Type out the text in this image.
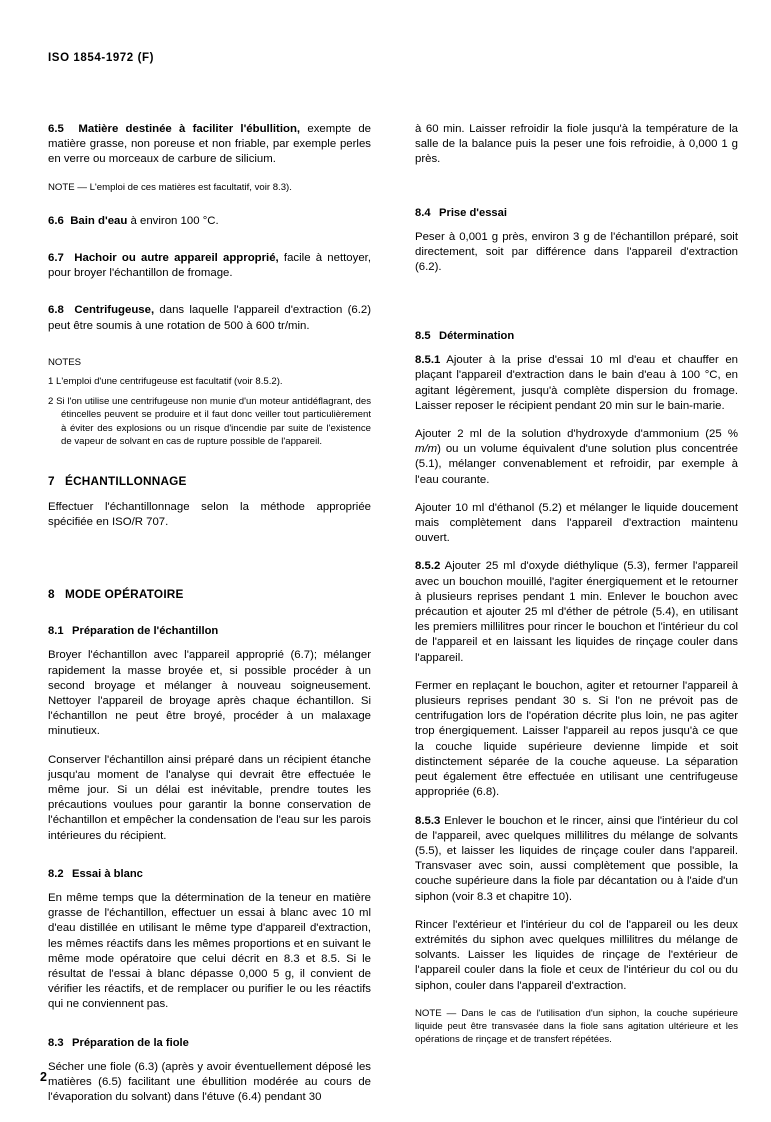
ISO 1854-1972 (F)

6.5 Matière destinée à faciliter l'ébullition, exempte de matière grasse, non poreuse et non friable, par exemple perles en verre ou morceaux de carbure de silicium.

NOTE — L'emploi de ces matières est facultatif, voir 8.3).

6.6 Bain d'eau à environ 100 °C.

6.7 Hachoir ou autre appareil approprié, facile à nettoyer, pour broyer l'échantillon de fromage.

6.8 Centrifugeuse, dans laquelle l'appareil d'extraction (6.2) peut être soumis à une rotation de 500 à 600 tr/min.

NOTES

1 L'emploi d'une centrifugeuse est facultatif (voir 8.5.2).

2 Si l'on utilise une centrifugeuse non munie d'un moteur antidéflagrant, des étincelles peuvent se produire et il faut donc veiller tout particulièrement à éviter des explosions ou un risque d'incendie par suite de l'existence de vapeur de solvant en cas de rupture possible de l'appareil.

7 ÉCHANTILLONNAGE

Effectuer l'échantillonnage selon la méthode appropriée spécifiée en ISO/R 707.

8 MODE OPÉRATOIRE
8.1 Préparation de l'échantillon

Broyer l'échantillon avec l'appareil approprié (6.7); mélanger rapidement la masse broyée et, si possible procéder à un second broyage et mélanger à nouveau soigneusement. Nettoyer l'appareil de broyage après chaque échantillon. Si l'échantillon ne peut être broyé, procéder à un malaxage minutieux.

Conserver l'échantillon ainsi préparé dans un récipient étanche jusqu'au moment de l'analyse qui devrait être effectuée le même jour. Si un délai est inévitable, prendre toutes les précautions voulues pour garantir la bonne conservation de l'échantillon et empêcher la condensation de l'eau sur les parois intérieures du récipient.

8.2 Essai à blanc

En même temps que la détermination de la teneur en matière grasse de l'échantillon, effectuer un essai à blanc avec 10 ml d'eau distillée en utilisant le même type d'appareil d'extraction, les mêmes réactifs dans les mêmes proportions et en suivant le même mode opératoire que celui décrit en 8.3 et 8.5. Si le résultat de l'essai à blanc dépasse 0,000 5 g, il convient de vérifier les réactifs, et de remplacer ou purifier le ou les réactifs qui ne conviennent pas.

8.3 Préparation de la fiole

Sécher une fiole (6.3) (après y avoir éventuellement déposé les matières (6.5) facilitant une ébullition modérée au cours de l'évaporation du solvant) dans l'étuve (6.4) pendant 30

à 60 min. Laisser refroidir la fiole jusqu'à la température de la salle de la balance puis la peser une fois refroidie, à 0,000 1 g près.

8.4 Prise d'essai

Peser à 0,001 g près, environ 3 g de l'échantillon préparé, soit directement, soit par différence dans l'appareil d'extraction (6.2).

8.5 Détermination

8.5.1 Ajouter à la prise d'essai 10 ml d'eau et chauffer en plaçant l'appareil d'extraction dans le bain d'eau à 100 °C, en agitant légèrement, jusqu'à complète dispersion du fromage. Laisser reposer le récipient pendant 20 min sur le bain-marie.

Ajouter 2 ml de la solution d'hydroxyde d'ammonium (25 % m/m) ou un volume équivalent d'une solution plus concentrée (5.1), mélanger convenablement et refroidir, par exemple à l'eau courante.

Ajouter 10 ml d'éthanol (5.2) et mélanger le liquide doucement mais complètement dans l'appareil d'extraction maintenu ouvert.

8.5.2 Ajouter 25 ml d'oxyde diéthylique (5.3), fermer l'appareil avec un bouchon mouillé, l'agiter énergiquement et le retourner à plusieurs reprises pendant 1 min. Enlever le bouchon avec précaution et ajouter 25 ml d'éther de pétrole (5.4), en utilisant les premiers millilitres pour rincer le bouchon et l'intérieur du col de l'appareil et en laissant les liquides de rinçage couler dans l'appareil.

Fermer en replaçant le bouchon, agiter et retourner l'appareil à plusieurs reprises pendant 30 s. Si l'on ne prévoit pas de centrifugation lors de l'opération décrite plus loin, ne pas agiter trop énergiquement. Laisser l'appareil au repos jusqu'à ce que la couche liquide supérieure devienne limpide et soit distinctement séparée de la couche aqueuse. La séparation peut également être effectuée en utilisant une centrifugeuse appropriée (6.8).

8.5.3 Enlever le bouchon et le rincer, ainsi que l'intérieur du col de l'appareil, avec quelques millilitres du mélange de solvants (5.5), et laisser les liquides de rinçage couler dans l'appareil. Transvaser avec soin, aussi complètement que possible, la couche supérieure dans la fiole par décantation ou à l'aide d'un siphon (voir 8.3 et chapitre 10).

Rincer l'extérieur et l'intérieur du col de l'appareil ou les deux extrémités du siphon avec quelques millilitres du mélange de solvants. Laisser les liquides de rinçage de l'extérieur de l'appareil couler dans la fiole et ceux de l'intérieur du col ou du siphon, couler dans l'appareil d'extraction.

NOTE — Dans le cas de l'utilisation d'un siphon, la couche supérieure liquide peut être transvasée dans la fiole sans agitation ultérieure et les opérations de rinçage et de transfert répétées.

2
